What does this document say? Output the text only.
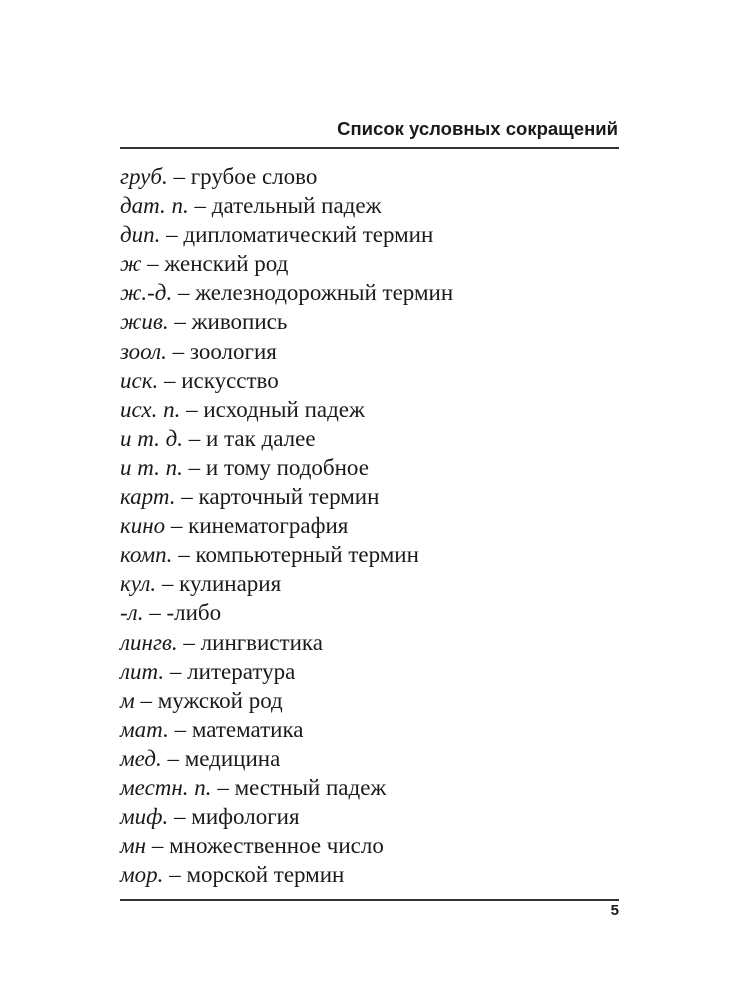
Список условных сокращений
груб. – грубое слово
дат. п. – дательный падеж
дип. – дипломатический термин
ж – женский род
ж.-д. – железнодорожный термин
жив. – живопись
зоол. – зоология
иск. – искусство
исх. п. – исходный падеж
и т. д. – и так далее
и т. п. – и тому подобное
карт. – карточный термин
кино – кинематография
комп. – компьютерный термин
кул. – кулинария
-л. – -либо
лингв. – лингвистика
лит. – литература
м – мужской род
мат. – математика
мед. – медицина
местн. п. – местный падеж
миф. – мифология
мн – множественное число
мор. – морской термин
5
